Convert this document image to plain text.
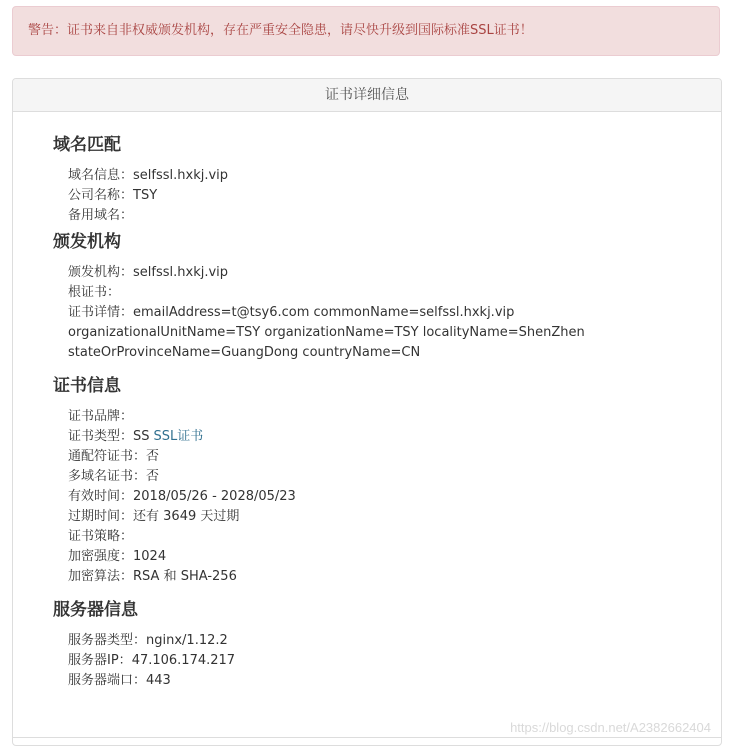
警告：证书来自非权威颁发机构，存在严重安全隐患，请尽快升级到国际标准SSL证书！
证书详细信息
域名匹配
域名信息：selfssl.hxkj.vip
公司名称：TSY
备用域名：
颁发机构
颁发机构：selfssl.hxkj.vip
根证书：
证书详情：emailAddress=t@tsy6.com commonName=selfssl.hxkj.vip organizationalUnitName=TSY organizationName=TSY localityName=ShenZhen stateOrProvinceName=GuangDong countryName=CN
证书信息
证书品牌：
证书类型：SS SSL证书
通配符证书：否
多域名证书：否
有效时间：2018/05/26 - 2028/05/23
过期时间：还有 3649 天过期
证书策略：
加密强度：1024
加密算法：RSA 和 SHA-256
服务器信息
服务器类型：nginx/1.12.2
服务器IP：47.106.174.217
服务器端口：443
https://blog.csdn.net/A2382662404
